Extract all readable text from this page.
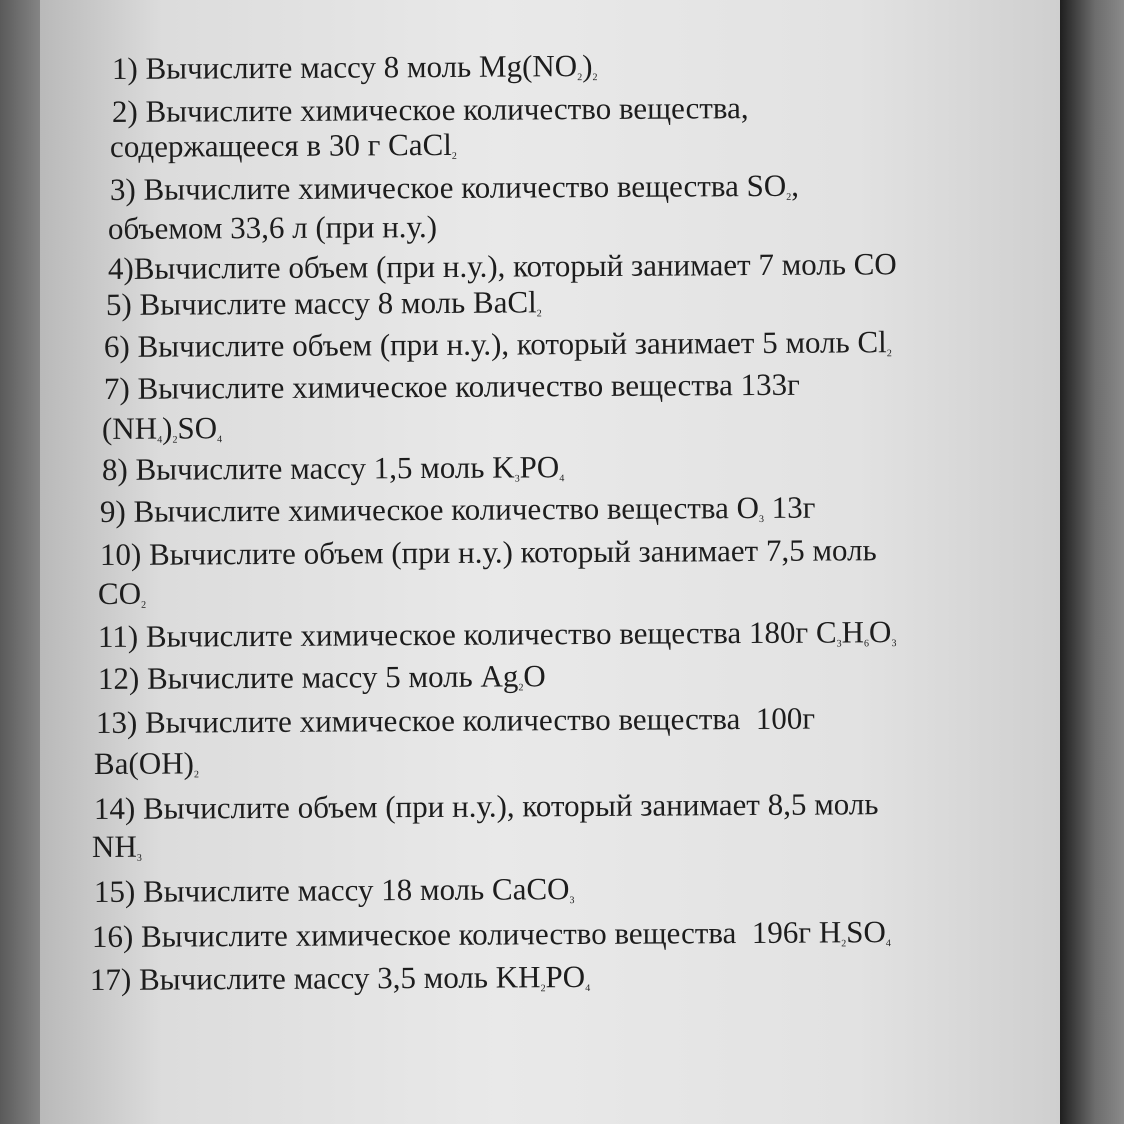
1) Вычислите массу 8 моль $Mg(NO_2)_2$

2) Вычислите химическое количество вещества,

содержащееся в 30 г CaCl$_2$

3) Вычислите химическое количество вещества $SO_2$,

объемом 33,6 л (при н.у.)

4)Вычислите объем (при н.у.), который занимает 7 моль CO

5) Вычислите массу 8 моль BaCl$_2$

6) Вычислите объем (при н.у.), который занимает 5 моль $Cl_2$

7) Вычислите химическое количество вещества 133г

$(NH_4)_2SO_4$

8) Вычислите массу 1,5 моль $K_3PO_4$

9) Вычислите химическое количество вещества $O_3$ 13г

10) Вычислите объем (при н.у.) который занимает 7,5 моль

$CO_2$

11) Вычислите химическое количество вещества 180г $C_3H_6O_3$

12) Вычислите массу 5 моль $Ag_2O$

13) Вычислите химическое количество вещества  100г

$Ba(OH)_2$

14) Вычислите объем (при н.у.), который занимает 8,5 моль

$NH_3$

15) Вычислите массу 18 моль CaCO$_3$

16) Вычислите химическое количество вещества  196г $H_2SO_4$

17) Вычислите массу 3,5 моль $KH_2PO_4$
